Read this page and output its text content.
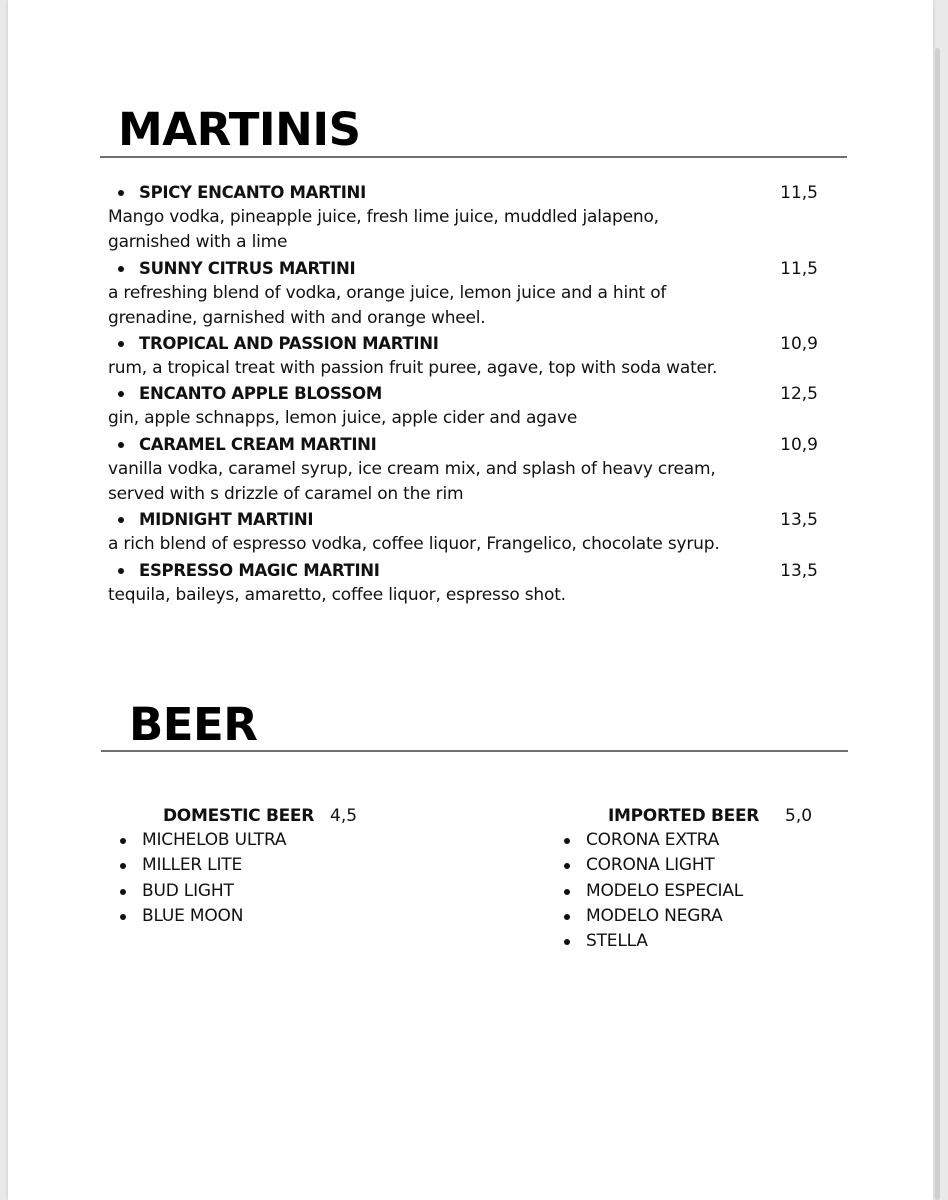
MARTINIS
SPICY ENCANTO MARTINI	11,5

Mango vodka, pineapple juice, fresh lime juice, muddled jalapeno, garnished with a lime

SUNNY CITRUS MARTINI	11,5

a refreshing blend of vodka, orange juice, lemon juice and a hint of grenadine, garnished with and orange wheel.

TROPICAL AND PASSION MARTINI	10,9

rum, a tropical treat with passion fruit puree, agave, top with soda water.

ENCANTO APPLE BLOSSOM	12,5

gin, apple schnapps, lemon juice, apple cider and agave

CARAMEL CREAM MARTINI	10,9

vanilla vodka, caramel syrup, ice cream mix, and splash of heavy cream, served with s drizzle of caramel on the rim

MIDNIGHT MARTINI	13,5

a rich blend of espresso vodka, coffee liquor, Frangelico, chocolate syrup.

ESPRESSO MAGIC MARTINI	13,5

tequila, baileys, amaretto, coffee liquor, espresso shot.

BEER
DOMESTIC BEER 4,5
MICHELOB ULTRA
MILLER LITE
BUD LIGHT
BLUE MOON
IMPORTED BEER 5,0
CORONA EXTRA
CORONA LIGHT
MODELO ESPECIAL
MODELO NEGRA
STELLA
